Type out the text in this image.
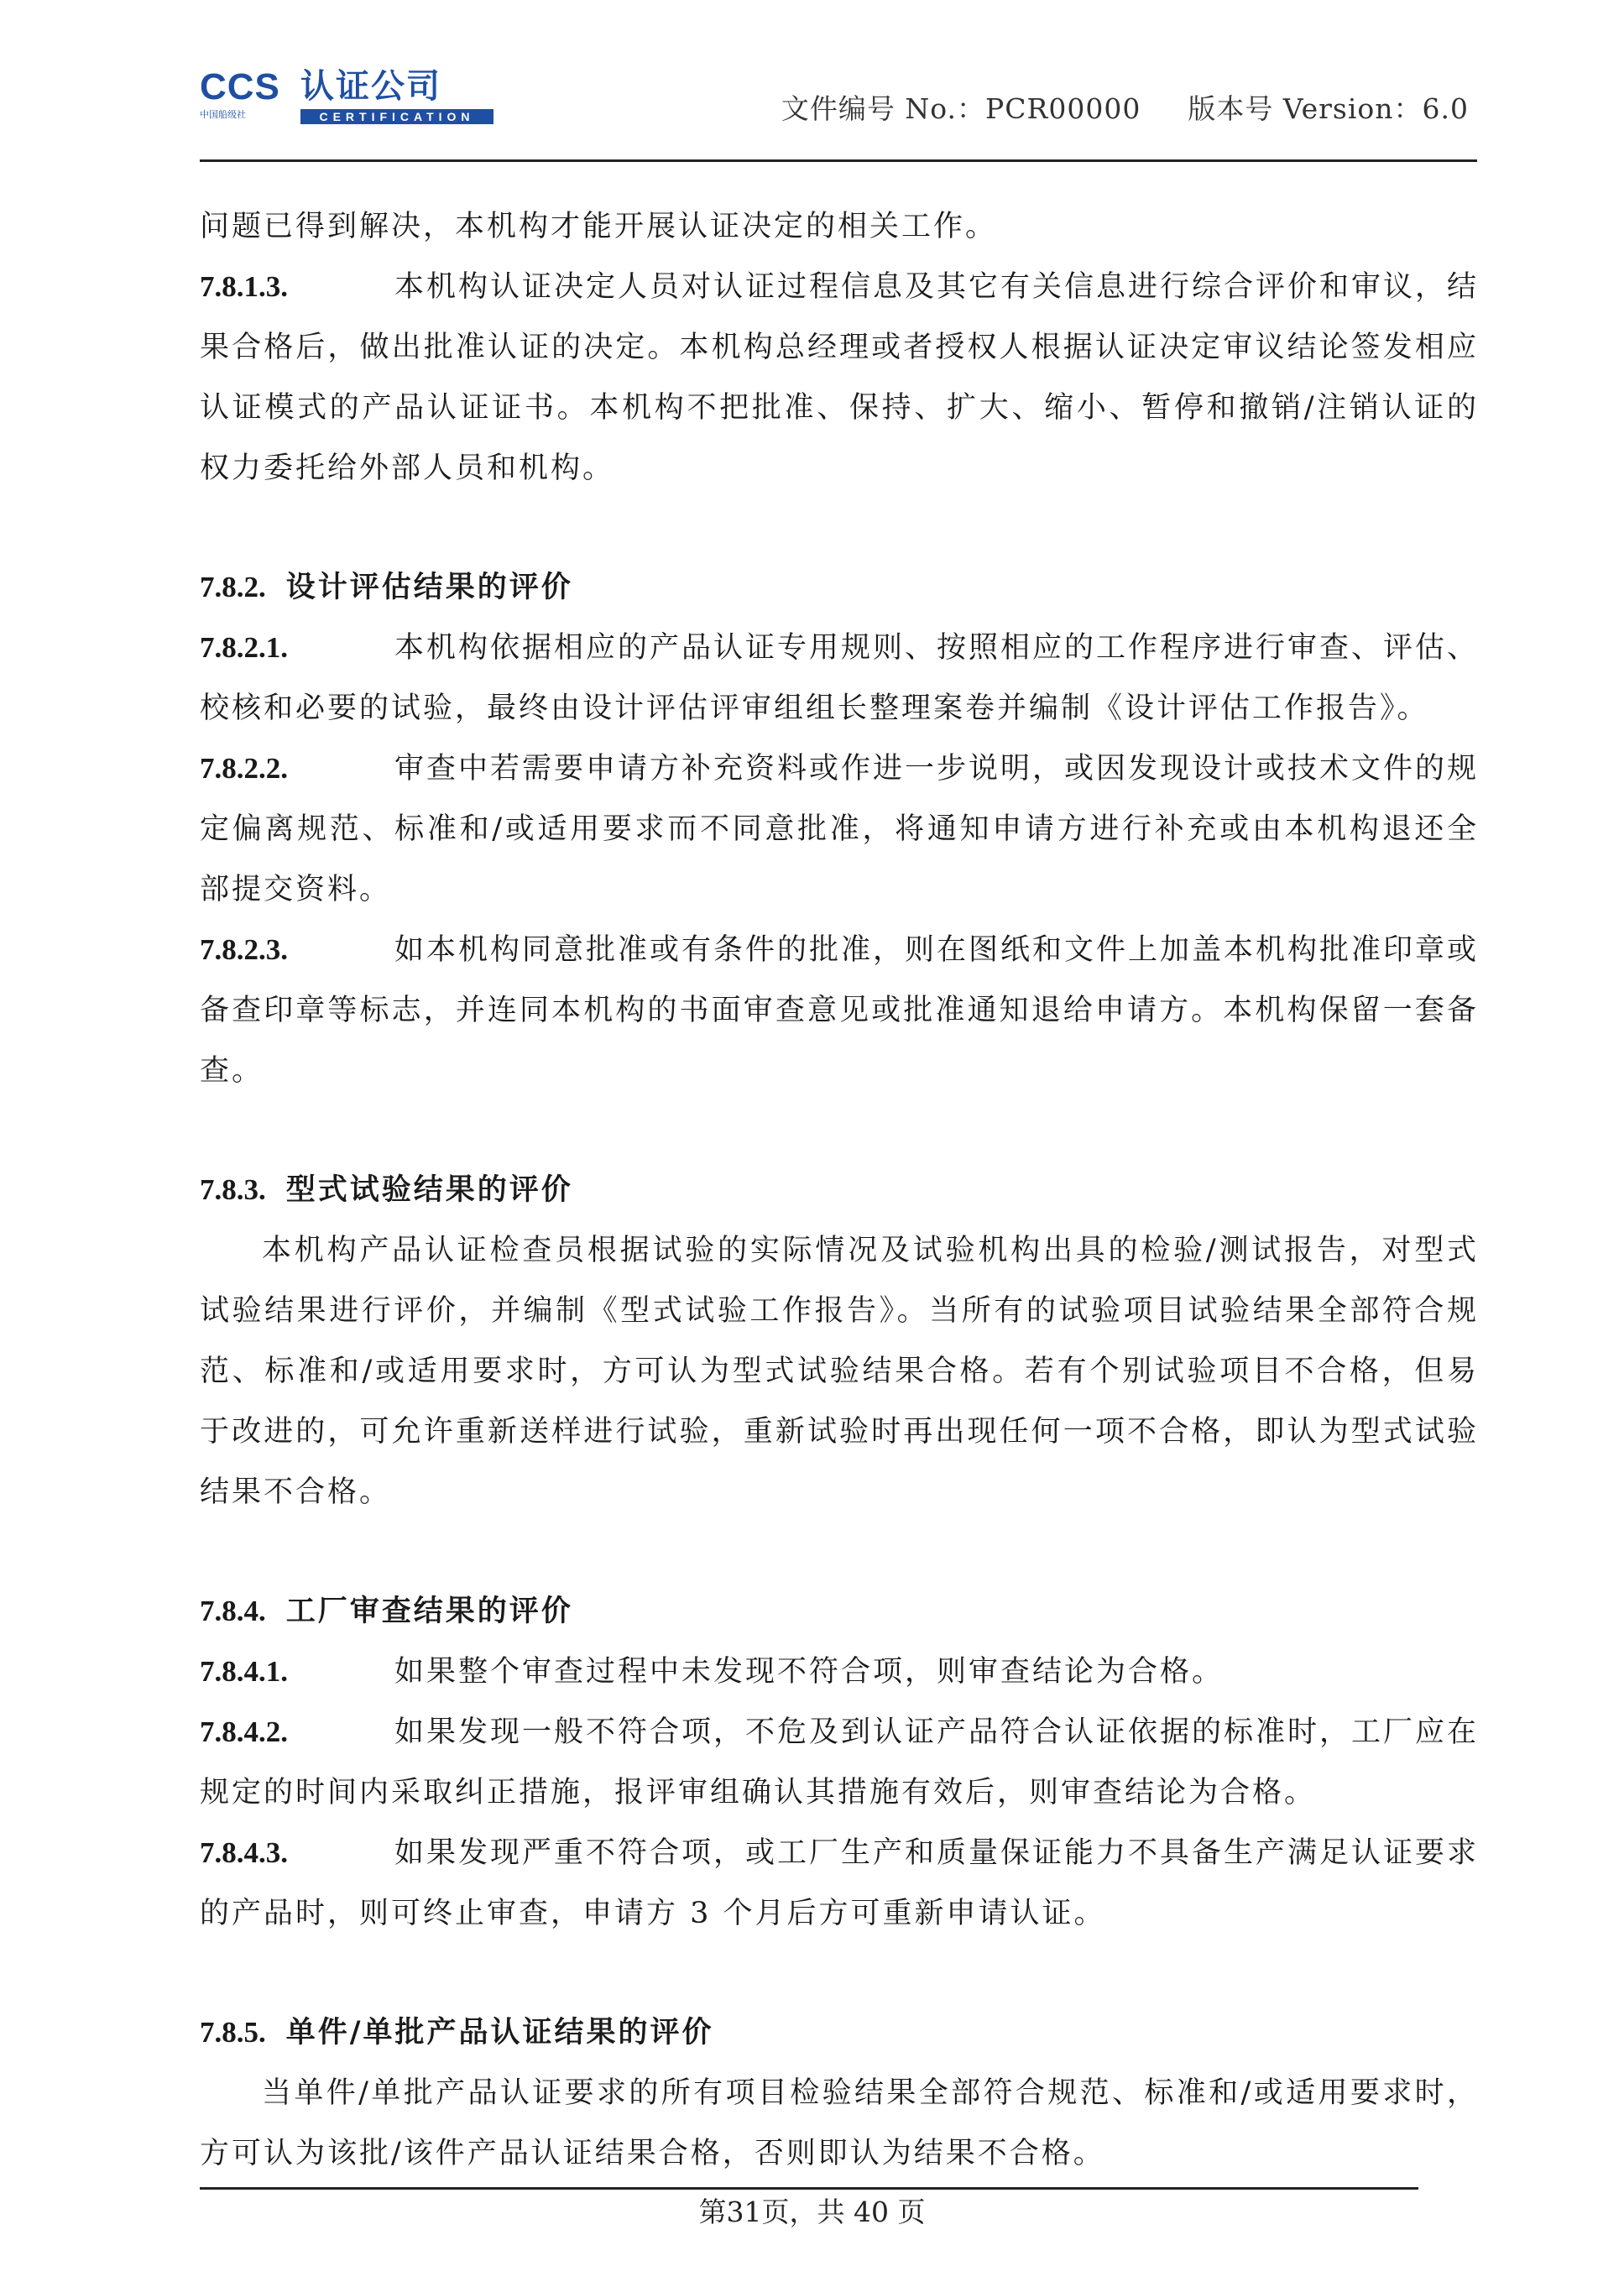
CCS 认证公司
中国船级社	CERTIFICATION	文件编号 No.：PCR00000 版本号 Version：6.0

问题已得到解决，本机构才能开展认证决定的相关工作。

7.8.1.3.	本机构认证决定人员对认证过程信息及其它有关信息进行综合评价和审议，结果合格后，做出批准认证的决定。本机构总经理或者授权人根据认证决定审议结论签发相应认证模式的产品认证证书。本机构不把批准、保持、扩大、缩小、暂停和撤销/注销认证的权力委托给外部人员和机构。

7.8.2. 设计评估结果的评价

7.8.2.1.	本机构依据相应的产品认证专用规则、按照相应的工作程序进行审查、评估、校核和必要的试验，最终由设计评估评审组组长整理案卷并编制《设计评估工作报告》。

7.8.2.2.	审查中若需要申请方补充资料或作进一步说明，或因发现设计或技术文件的规定偏离规范、标准和/或适用要求而不同意批准，将通知申请方进行补充或由本机构退还全部提交资料。

7.8.2.3.	如本机构同意批准或有条件的批准，则在图纸和文件上加盖本机构批准印章或备查印章等标志，并连同本机构的书面审查意见或批准通知退给申请方。本机构保留一套备查。

7.8.3. 型式试验结果的评价

本机构产品认证检查员根据试验的实际情况及试验机构出具的检验/测试报告，对型式试验结果进行评价，并编制《型式试验工作报告》。当所有的试验项目试验结果全部符合规范、标准和/或适用要求时，方可认为型式试验结果合格。若有个别试验项目不合格，但易于改进的，可允许重新送样进行试验，重新试验时再出现任何一项不合格，即认为型式试验结果不合格。

7.8.4. 工厂审查结果的评价

7.8.4.1.	如果整个审查过程中未发现不符合项，则审查结论为合格。

7.8.4.2.	如果发现一般不符合项，不危及到认证产品符合认证依据的标准时，工厂应在规定的时间内采取纠正措施，报评审组确认其措施有效后，则审查结论为合格。

7.8.4.3.	如果发现严重不符合项，或工厂生产和质量保证能力不具备生产满足认证要求的产品时，则可终止审查，申请方 3 个月后方可重新申请认证。

7.8.5. 单件/单批产品认证结果的评价

当单件/单批产品认证要求的所有项目检验结果全部符合规范、标准和/或适用要求时，方可认为该批/该件产品认证结果合格，否则即认为结果不合格。

第31页，共 40 页
